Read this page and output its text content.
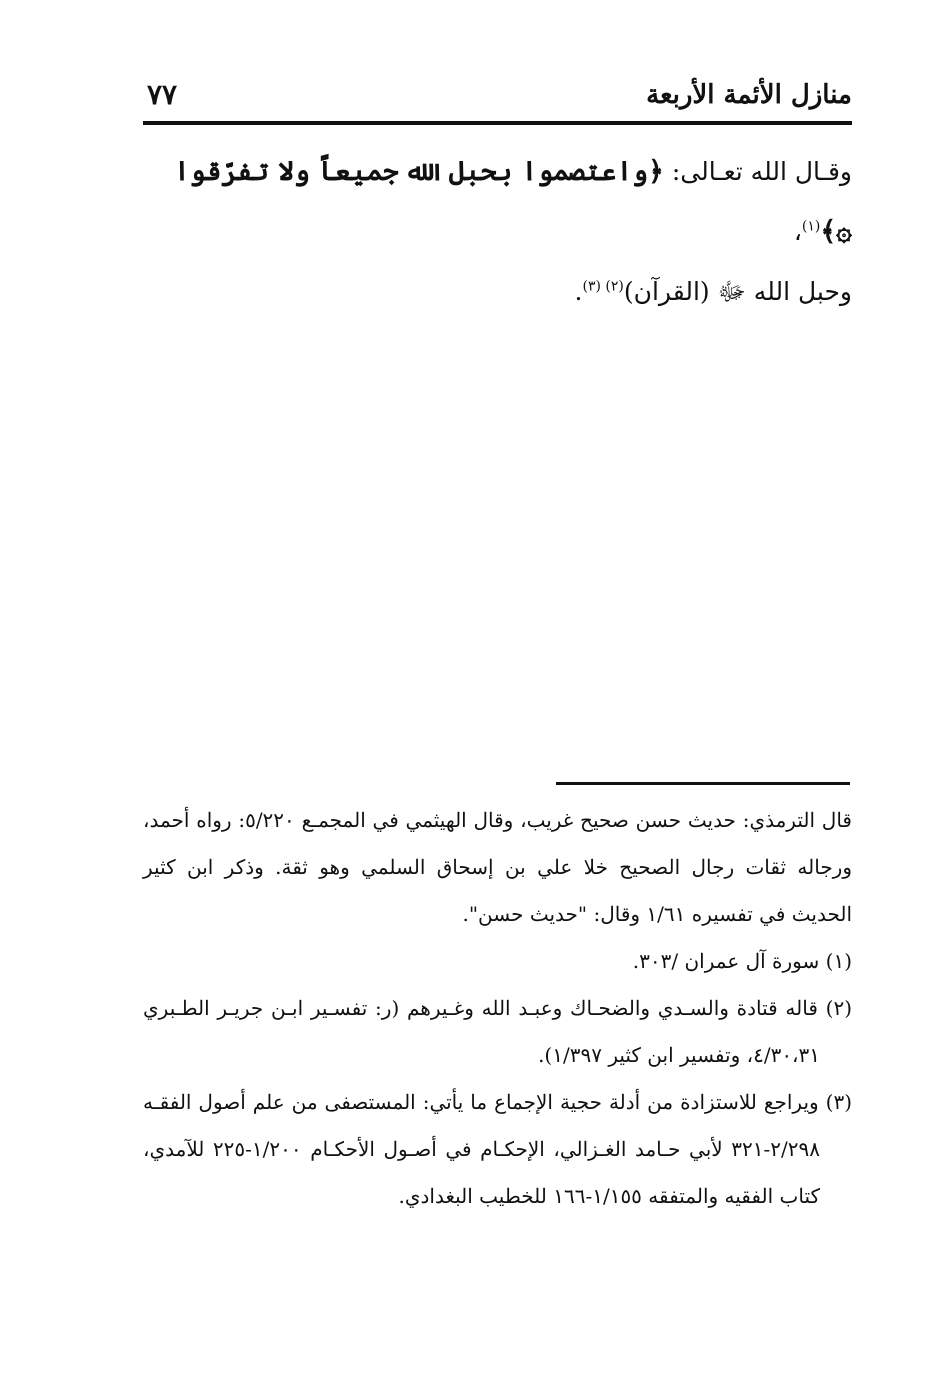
منازل الأئمة الأربعة
٧٧

وقـال الله تعـالى: ﴿واعتصموا بحبل الله جميعاً ولا تفرّقوا ۞﴾$^{(١)}$،

وحبل الله ﷻ (القرآن)$^{(٢) (٣)}$.

قال الترمذي: حديث حسن صحيح غريب، وقال الهيثمي في المجمـع ٥/٢٢٠: رواه أحمد، ورجاله ثقات رجال الصحيح خلا علي بن إسحاق السلمي وهو ثقة. وذكر ابن كثير الحديث في تفسيره ١/٦١ وقال: "حديث حسن".

(١) سورة آل عمران /٣٠٣.

(٢) قاله قتادة والسـدي والضحـاك وعبـد الله وغـيرهم (ر: تفسـير ابـن جريـر الطـبري ٤/٣٠،٣١، وتفسير ابن كثير ١/٣٩٧).

(٣) ويراجع للاستزادة من أدلة حجية الإجماع ما يأتي: المستصفى من علم أصول الفقـه ٢/٢٩٨-٣٢١ لأبي حـامد الغـزالي، الإحكـام في أصـول الأحكـام ١/٢٠٠-٢٢٥ للآمدي، كتاب الفقيه والمتفقه ١/١٥٥-١٦٦ للخطيب البغدادي.
